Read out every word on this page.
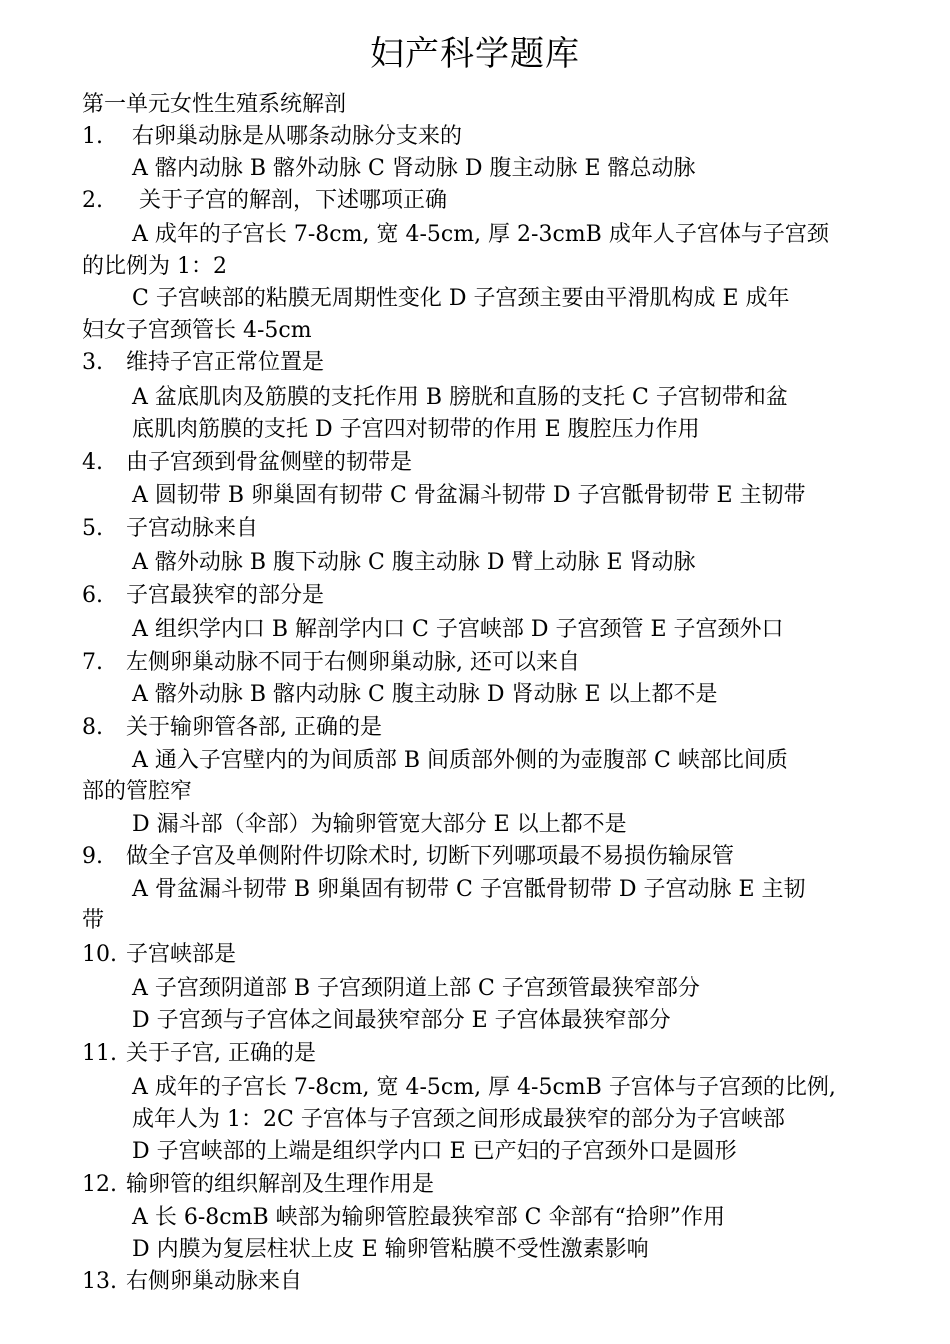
妇产科学题库
第一单元女性生殖系统解剖
1. 右卵巢动脉是从哪条动脉分支来的
A 髂内动脉 B 髂外动脉 C 肾动脉 D 腹主动脉 E 髂总动脉
2. 关于子宫的解剖，下述哪项正确
A 成年的子宫长 7-8cm, 宽 4-5cm, 厚 2-3cmB 成年人子宫体与子宫颈
的比例为 1：2
C 子宫峡部的粘膜无周期性变化 D 子宫颈主要由平滑肌构成 E 成年
妇女子宫颈管长 4-5cm
3. 维持子宫正常位置是
A 盆底肌肉及筋膜的支托作用 B 膀胱和直肠的支托 C 子宫韧带和盆
底肌肉筋膜的支托 D 子宫四对韧带的作用 E 腹腔压力作用
4. 由子宫颈到骨盆侧壁的韧带是
A 圆韧带 B 卵巢固有韧带 C 骨盆漏斗韧带 D 子宫骶骨韧带 E 主韧带
5. 子宫动脉来自
A 髂外动脉 B 腹下动脉 C 腹主动脉 D 臂上动脉 E 肾动脉
6. 子宫最狭窄的部分是
A 组织学内口 B 解剖学内口 C 子宫峡部 D 子宫颈管 E 子宫颈外口
7. 左侧卵巢动脉不同于右侧卵巢动脉, 还可以来自
A 髂外动脉 B 髂内动脉 C 腹主动脉 D 肾动脉 E 以上都不是
8. 关于输卵管各部, 正确的是
A 通入子宫壁内的为间质部 B 间质部外侧的为壶腹部 C 峡部比间质
部的管腔窄
D 漏斗部（伞部）为输卵管宽大部分 E 以上都不是
9. 做全子宫及单侧附件切除术时, 切断下列哪项最不易损伤输尿管
A 骨盆漏斗韧带 B 卵巢固有韧带 C 子宫骶骨韧带 D 子宫动脉 E 主韧
带
10. 子宫峡部是
A 子宫颈阴道部 B 子宫颈阴道上部 C 子宫颈管最狭窄部分
D 子宫颈与子宫体之间最狭窄部分 E 子宫体最狭窄部分
11. 关于子宫, 正确的是
A 成年的子宫长 7-8cm, 宽 4-5cm, 厚 4-5cmB 子宫体与子宫颈的比例,
成年人为 1：2C 子宫体与子宫颈之间形成最狭窄的部分为子宫峡部
D 子宫峡部的上端是组织学内口 E 已产妇的子宫颈外口是圆形
12. 输卵管的组织解剖及生理作用是
A 长 6-8cmB 峡部为输卵管腔最狭窄部 C 伞部有“拾卵”作用
D 内膜为复层柱状上皮 E 输卵管粘膜不受性激素影响
13. 右侧卵巢动脉来自
